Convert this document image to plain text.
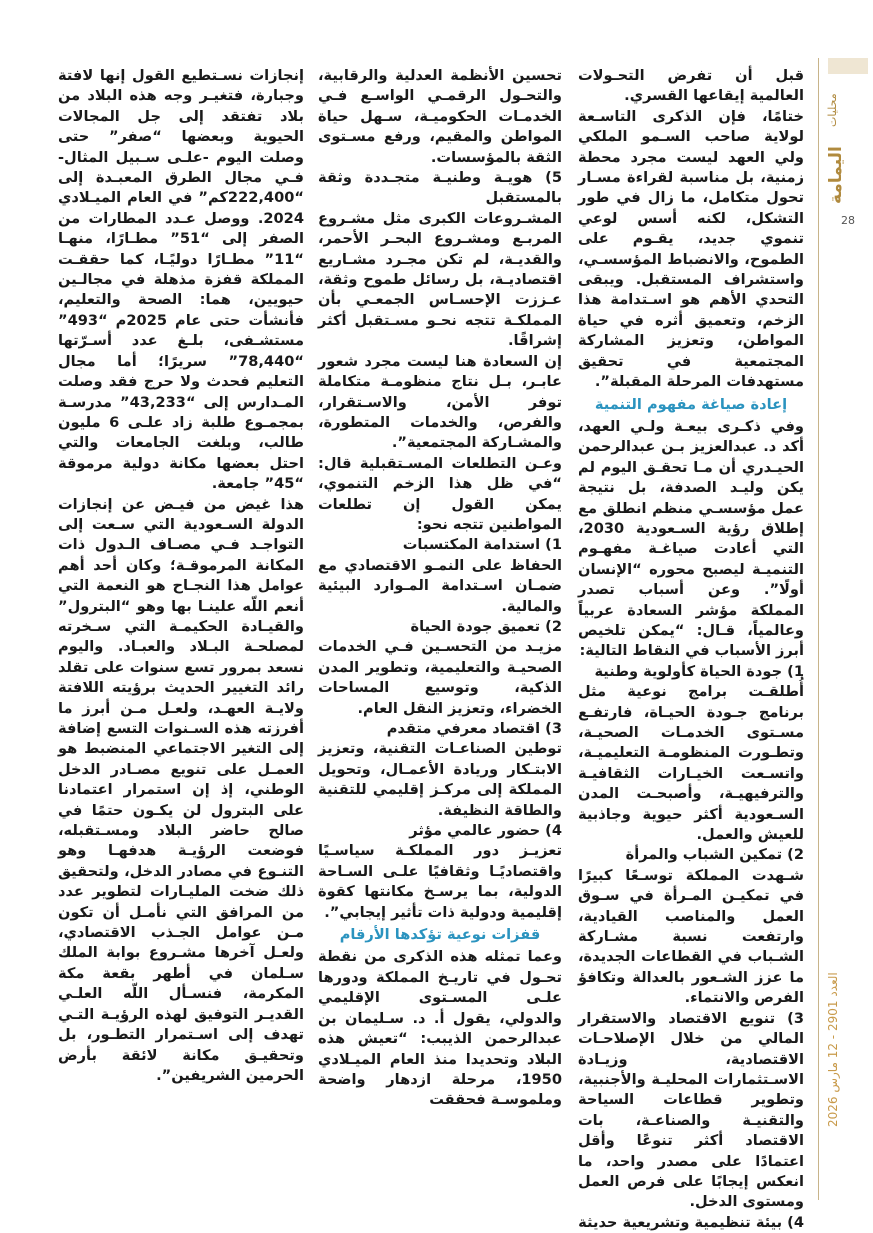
محليات
اليمامة
28
العدد 2901 - 12 مارس 2026

قبل أن تفرض التحـولات العالمية إيقاعها القسري.

ختامًا، فإن الذكرى التاسـعة لولاية صاحب السـمو الملكي ولي العهد ليست مجرد محطة زمنية، بل مناسبة لقراءة مسـار تحول متكامل، ما زال في طور التشكل، لكنه أسس لوعي تنموي جديد، يقـوم على الطموح، والانضباط المؤسسـي، واستشراف المستقبل. ويبقى التحدي الأهم هو اسـتدامة هذا الزخم، وتعميق أثره في حياة المواطن، وتعزيز المشاركة المجتمعية في تحقيق مستهدفات المرحلة المقبلة”.

إعادة صياغة مفهوم التنمية

وفي ذكـرى بيعـة ولـي العهد، أكد د. عبدالعزيز بـن عبدالرحمن الحيـدري أن مـا تحقـق اليوم لم يكن وليـد الصدفة، بل نتيجة عمل مؤسسـي منظم انطلق مع إطلاق رؤية السـعودية 2030، التي أعادت صياغـة مفهـوم التنميـة ليصبح محوره “الإنسان أولًا”. وعن أسباب تصدر المملكة مؤشر السعادة عربياً وعالمياً، قـال: “يمكن تلخيص أبرز الأسباب في النقاط التالية:

1) جودة الحياة كأولوية وطنية

أُطلقـت برامج نوعية مثل برنامج جـودة الحيـاة، فارتفـع مسـتوى الخدمـات الصحيـة، وتطـورت المنظومـة التعليميـة، واتسـعت الخيـارات الثقافيـة والترفيهيـة، وأصبحـت المدن السـعودية أكثر حيوية وجاذبية للعيش والعمل.

2) تمكين الشباب والمرأة

شـهدت المملكة توسـعًا كبيرًا في تمكيـن المـرأة في سـوق العمل والمناصب القيادية، وارتفعت نسبة مشـاركة الشـباب في القطاعات الجديدة، ما عزز الشـعور بالعدالة وتكافؤ الفرص والانتماء.

3) تنويع الاقتصاد والاستقرار المالي من خلال الإصلاحـات الاقتصادية، وزيـادة الاسـتثمارات المحليـة والأجنبية، وتطوير قطاعات السياحة والتقنيـة والصناعـة، بات الاقتصاد أكثر تنوعًا وأقل اعتمادًا على مصدر واحد، ما انعكس إيجابًا على فرص العمل ومستوى الدخل.

4) بيئة تنظيمية وتشريعية حديثة

تحسين الأنظمة العدلية والرقابية، والتحـول الرقمـي الواسـع فـي الخدمـات الحكوميـة، سـهل حياة المواطن والمقيم، ورفع مسـتوى الثقة بالمؤسسات.

5) هويـة وطنيـة متجـددة وثقة بالمستقبل

المشـروعات الكبرى مثل مشـروع المربـع ومشـروع البحـر الأحمر، والقديـة، لم تكن مجـرد مشـاريع اقتصاديـة، بل رسائل طموح وثقة، عـززت الإحسـاس الجمعـي بأن المملكـة تتجه نحـو مسـتقبل أكثر إشراقًا.

إن السعادة هنا ليست مجرد شعور عابـر، بـل نتاج منظومـة متكاملة توفر الأمن، والاسـتقرار، والفرص، والخدمات المتطورة، والمشـاركة المجتمعية”.

وعـن التطلعات المسـتقبلية قال: “في ظل هذا الزخم التنموي، يمكن القول إن تطلعات المواطنين تتجه نحو:

1) استدامة المكتسبات

الحفاظ على النمـو الاقتصادي مع ضمـان اسـتدامة المـوارد البيئية والمالية.

2) تعميق جودة الحياة

مزيـد من التحسـين فـي الخدمات الصحيـة والتعليمية، وتطوير المدن الذكية، وتوسيع المساحات الخضراء، وتعزيز النقل العام.

3) اقتصاد معرفي متقدم

توطين الصناعـات التقنية، وتعزيز الابتـكار وريادة الأعمـال، وتحويل المملكة إلى مركـز إقليمي للتقنية والطاقة النظيفة.

4) حضور عالمي مؤثر

تعزيـز دور المملكـة سياسـيًا واقتصاديًـا وثقافيًا علـى السـاحة الدولية، بما يرسـخ مكانتها كقوة إقليمية ودولية ذات تأثير إيجابي”.

قفزات نوعية تؤكدها الأرقام

وعما تمثله هذه الذكرى من نقطة تحـول في تاريـخ المملكة ودورها علـى المسـتوى الإقليمي والدولي، يقول أ. د. سـليمان بن عبدالرحمن الذيبب: “تعيش هذه البلاد وتحديدا منذ العام الميـلادي 1950، مرحلة ازدهار واضحة وملموسـة فحققت

إنجازات نسـتطيع القول إنها لافتة وجبارة، فتغيـر وجه هذه البلاد من بلاد تفتقد إلى جل المجالات الحيوية وبعضها “صفر” حتى وصلت اليوم -علـى سـبيل المثال- فـي مجال الطرق المعبـدة إلى “222,400كم” في العام الميـلادي 2024. ووصل عـدد المطارات من الصفر إلى “51” مطـارًا، منهـا “11” مطـارًا دوليًـا، كما حققـت المملكة قفزة مذهلة في مجالـين حيويين، هما: الصحة والتعليم، فأنشأت حتى عام 2025م “493” مستشـفى، بلـغ عدد أسـرّتها “78,440” سريرًا؛ أما مجال التعليم فحدث ولا حرج فقد وصلت المـدارس إلى “43,233” مدرسـة بمجمـوع طلبة زاد علـى 6 مليون طالب، وبلغت الجامعات والتي احتل بعضها مكانة دولية مرموقة “45” جامعة.

هذا غيض من فيـض عن إنجازات الدولة السـعودية التي سـعت إلى التواجـد فـي مصـاف الـدول ذات المكانة المرموقـة؛ وكان أحد أهم عوامل هذا النجـاح هو النعمة التي أنعم اللّه علينـا بها وهو “البترول” والقيـادة الحكيمـة التي سـخرته لمصلحـة البـلاد والعبـاد. واليوم نسعد بمرور تسع سنوات على تقلد رائد التغيير الحديث برؤيته اللافتة ولايـة العهـد، ولعـل مـن أبرز ما أفرزته هذه السـنوات التسع إضافة إلى التغير الاجتماعي المنضبط هو العمـل على تنويع مصـادر الدخل الوطني، إذ إن استمرار اعتمادنا على البترول لن يكـون حتمًا في صالح حاضر البلاد ومسـتقبله، فوضعت الرؤيـة هدفهـا وهو التنـوع في مصادر الدخل، ولتحقيق ذلك ضخت المليـارات لتطوير عدد من المرافق التي نأمـل أن تكون مـن عوامل الجـذب الاقتصادي، ولعـل آخرها مشـروع بوابة الملك سـلمان في أطهر بقعة مكة المكرمة، فنسـأل اللّه العلـي القديـر التوفيق لهذه الرؤيـة التـي تهدف إلى اسـتمرار التطـور، بل وتحقيـق مكانة لائقة بأرض الحرمين الشريفين”.
